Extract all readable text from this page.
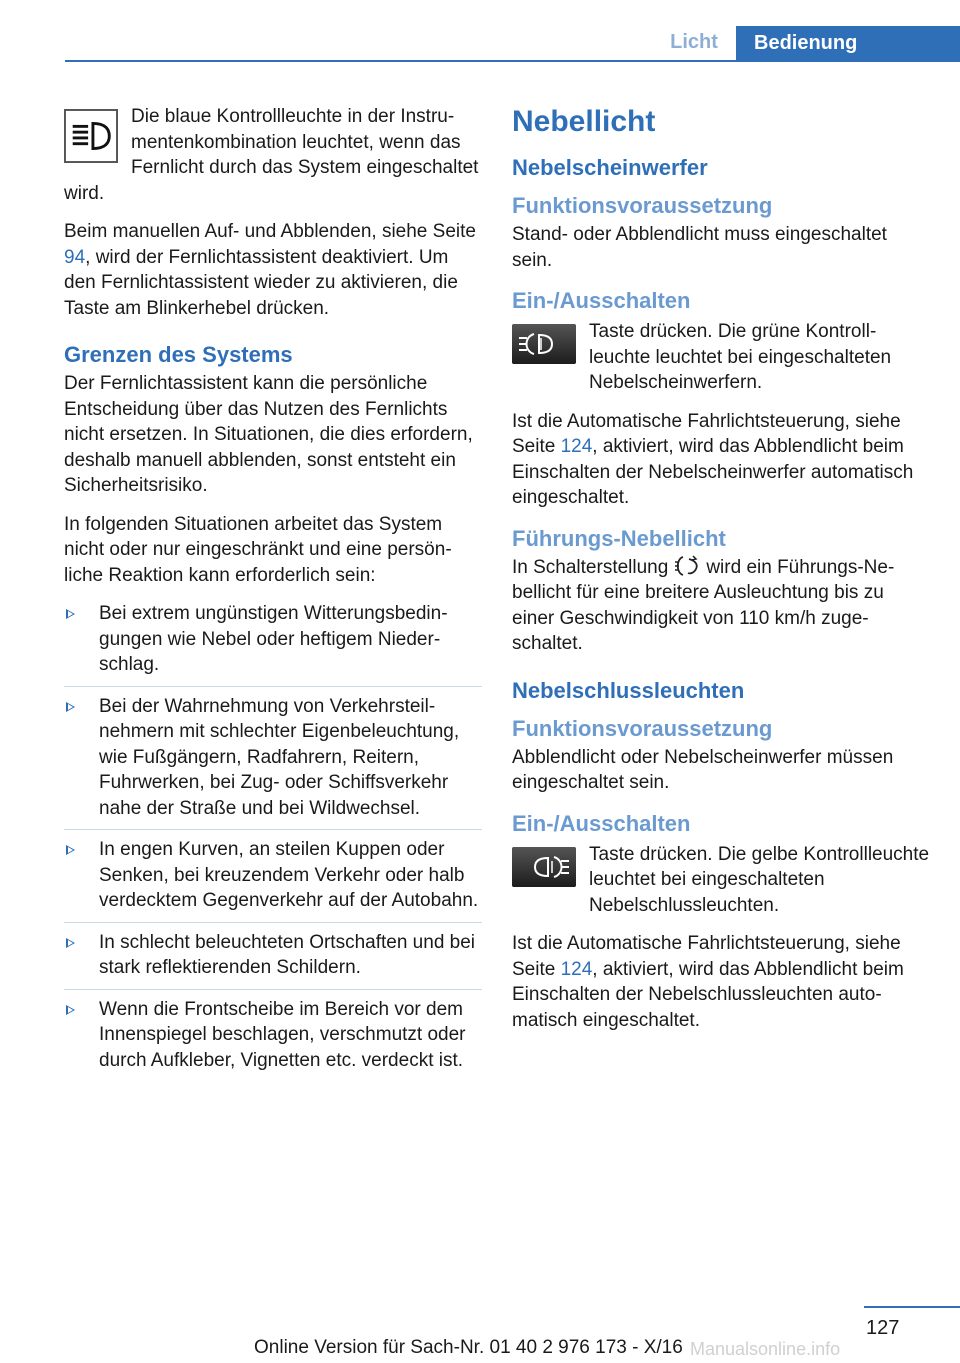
Licht	Bedienung
Die blaue Kontrollleuchte in der Instrumentenkombination leuchtet, wenn das Fernlicht durch das System eingeschaltet wird.

Beim manuellen Auf- und Abblenden, siehe Seite 94, wird der Fernlichtassistent deaktiviert. Um den Fernlichtassistent wieder zu aktivieren, die Taste am Blinkerhebel drücken.

Grenzen des Systems

Der Fernlichtassistent kann die persönliche Entscheidung über das Nutzen des Fernlichts nicht ersetzen. In Situationen, die dies erfordern, deshalb manuell abblenden, sonst entsteht ein Sicherheitsrisiko.

In folgenden Situationen arbeitet das System nicht oder nur eingeschränkt und eine persönliche Reaktion kann erforderlich sein:

Bei extrem ungünstigen Witterungsbedingungen wie Nebel oder heftigem Niederschlag.
Bei der Wahrnehmung von Verkehrsteilnehmern mit schlechter Eigenbeleuchtung, wie Fußgängern, Radfahrern, Reitern, Fuhrwerken, bei Zug- oder Schiffsverkehr nahe der Straße und bei Wildwechsel.
In engen Kurven, an steilen Kuppen oder Senken, bei kreuzendem Verkehr oder halb verdecktem Gegenverkehr auf der Autobahn.
In schlecht beleuchteten Ortschaften und bei stark reflektierenden Schildern.
Wenn die Frontscheibe im Bereich vor dem Innenspiegel beschlagen, verschmutzt oder durch Aufkleber, Vignetten etc. verdeckt ist.
Nebellicht
Nebelscheinwerfer
Funktionsvoraussetzung

Stand- oder Abblendlicht muss eingeschaltet sein.

Ein-/Ausschalten
Taste drücken. Die grüne Kontrollleuchte leuchtet bei eingeschalteten Nebelscheinwerfern.

Ist die Automatische Fahrlichtsteuerung, siehe Seite 124, aktiviert, wird das Abblendlicht beim Einschalten der Nebelscheinwerfer automatisch eingeschaltet.

Führungs-Nebellicht

In Schalterstellung wird ein Führungs-Nebellicht für eine breitere Ausleuchtung bis zu einer Geschwindigkeit von 110 km/h zugeschaltet.

Nebelschlussleuchten
Funktionsvoraussetzung

Abblendlicht oder Nebelscheinwerfer müssen eingeschaltet sein.

Ein-/Ausschalten
Taste drücken. Die gelbe Kontrollleuchte leuchtet bei eingeschalteten Nebelschlussleuchten.

Ist die Automatische Fahrlichtsteuerung, siehe Seite 124, aktiviert, wird das Abblendlicht beim Einschalten der Nebelschlussleuchten automatisch eingeschaltet.

127
Online Version für Sach-Nr. 01 40 2 976 173 - X/16 Manualsonline.info
